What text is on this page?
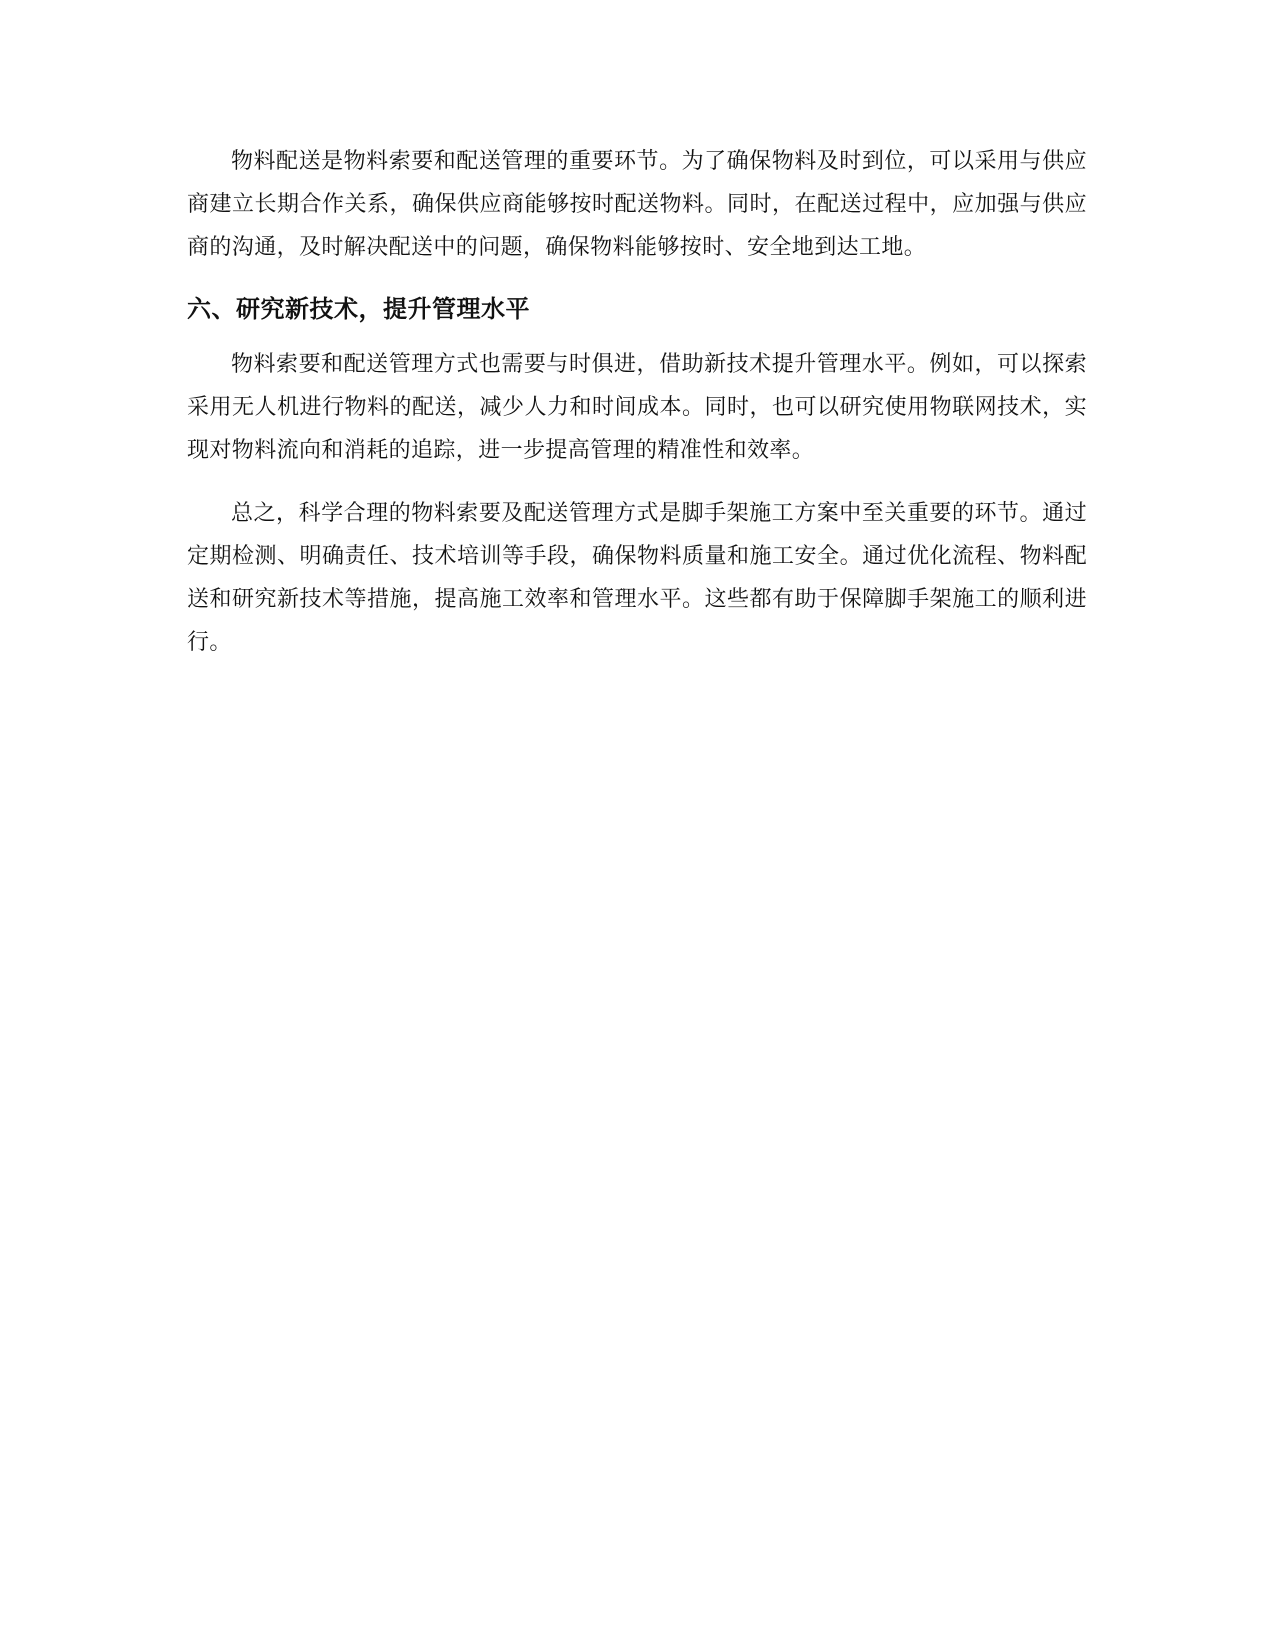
物料配送是物料索要和配送管理的重要环节。为了确保物料及时到位，可以采用与供应商建立长期合作关系，确保供应商能够按时配送物料。同时，在配送过程中，应加强与供应商的沟通，及时解决配送中的问题，确保物料能够按时、安全地到达工地。

六、研究新技术，提升管理水平

物料索要和配送管理方式也需要与时俱进，借助新技术提升管理水平。例如，可以探索采用无人机进行物料的配送，减少人力和时间成本。同时，也可以研究使用物联网技术，实现对物料流向和消耗的追踪，进一步提高管理的精准性和效率。

总之，科学合理的物料索要及配送管理方式是脚手架施工方案中至关重要的环节。通过定期检测、明确责任、技术培训等手段，确保物料质量和施工安全。通过优化流程、物料配送和研究新技术等措施，提高施工效率和管理水平。这些都有助于保障脚手架施工的顺利进行。
